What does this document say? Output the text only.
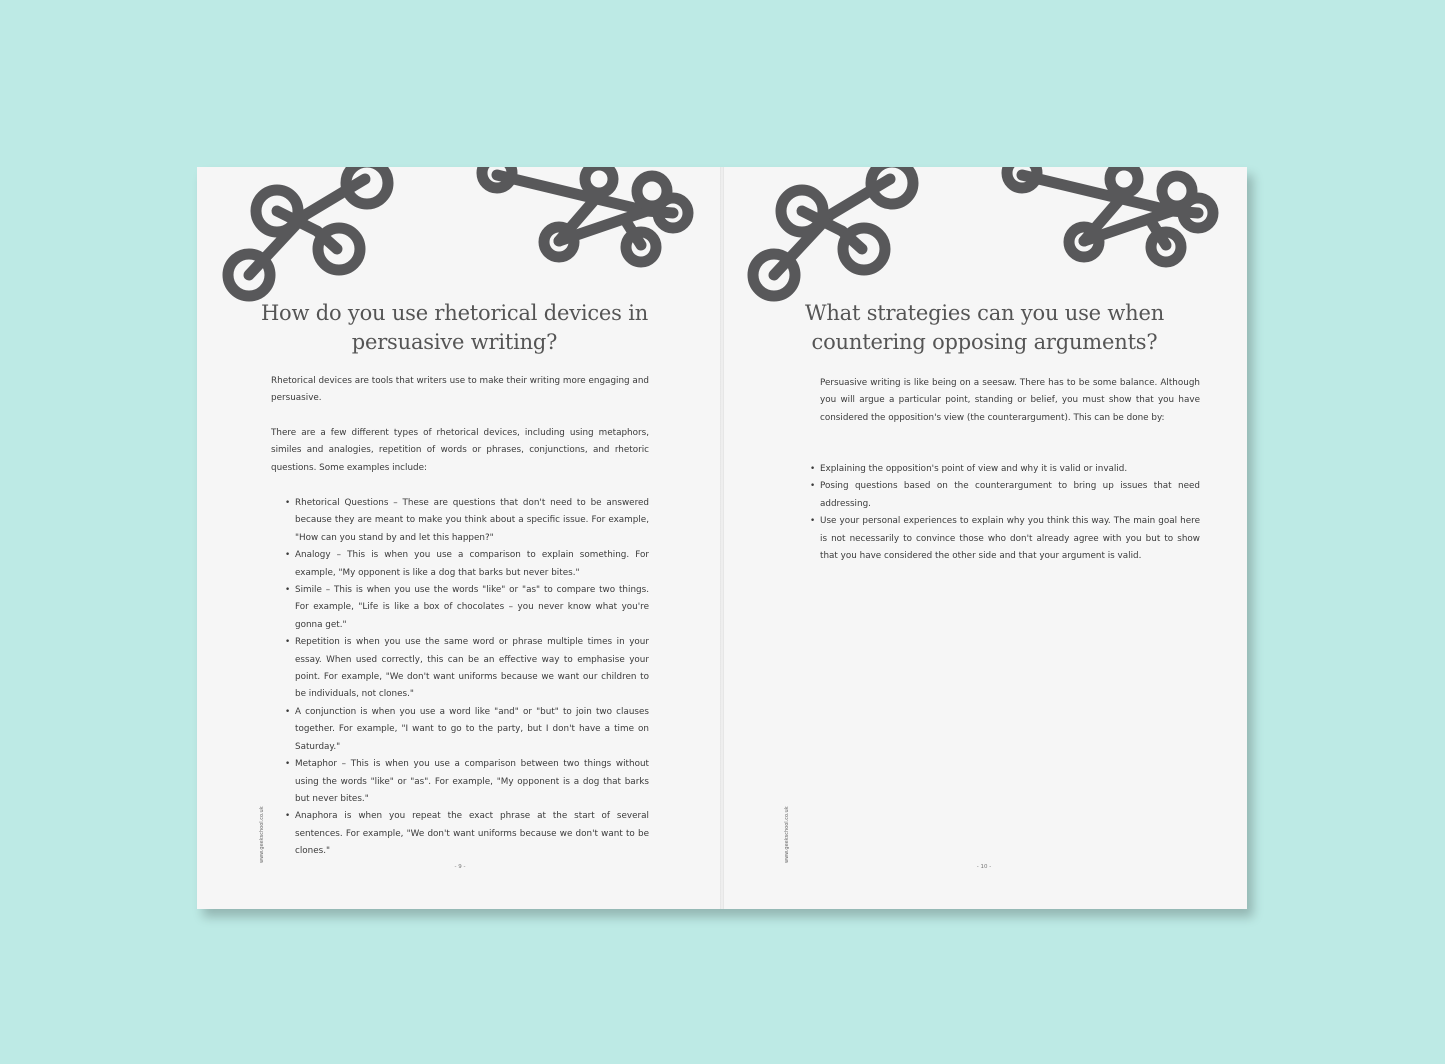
How do you use rhetorical devices in persuasive writing?

Rhetorical devices are tools that writers use to make their writing more engaging and persuasive.

There are a few different types of rhetorical devices, including using metaphors, similes and analogies, repetition of words or phrases, conjunctions, and rhetoric questions. Some examples include:

• Rhetorical Questions – These are questions that don't need to be answered because they are meant to make you think about a specific issue. For example, "How can you stand by and let this happen?"
• Analogy – This is when you use a comparison to explain something. For example, "My opponent is like a dog that barks but never bites."
• Simile – This is when you use the words "like" or "as" to compare two things. For example, "Life is like a box of chocolates – you never know what you're gonna get."
• Repetition is when you use the same word or phrase multiple times in your essay. When used correctly, this can be an effective way to emphasise your point. For example, "We don't want uniforms because we want our children to be individuals, not clones."
• A conjunction is when you use a word like "and" or "but" to join two clauses together. For example, "I want to go to the party, but I don't have a time on Saturday."
• Metaphor – This is when you use a comparison between two things without using the words "like" or "as". For example, "My opponent is a dog that barks but never bites."
• Anaphora is when you repeat the exact phrase at the start of several sentences. For example, "We don't want uniforms because we don't want to be clones."
www.geekschool.co.uk
- 9 -
What strategies can you use when countering opposing arguments?

Persuasive writing is like being on a seesaw. There has to be some balance. Although you will argue a particular point, standing or belief, you must show that you have considered the opposition's view (the counterargument). This can be done by:

• Explaining the opposition's point of view and why it is valid or invalid.
• Posing questions based on the counterargument to bring up issues that need addressing.
• Use your personal experiences to explain why you think this way. The main goal here is not necessarily to convince those who don't already agree with you but to show that you have considered the other side and that your argument is valid.
www.geekschool.co.uk
- 10 -
